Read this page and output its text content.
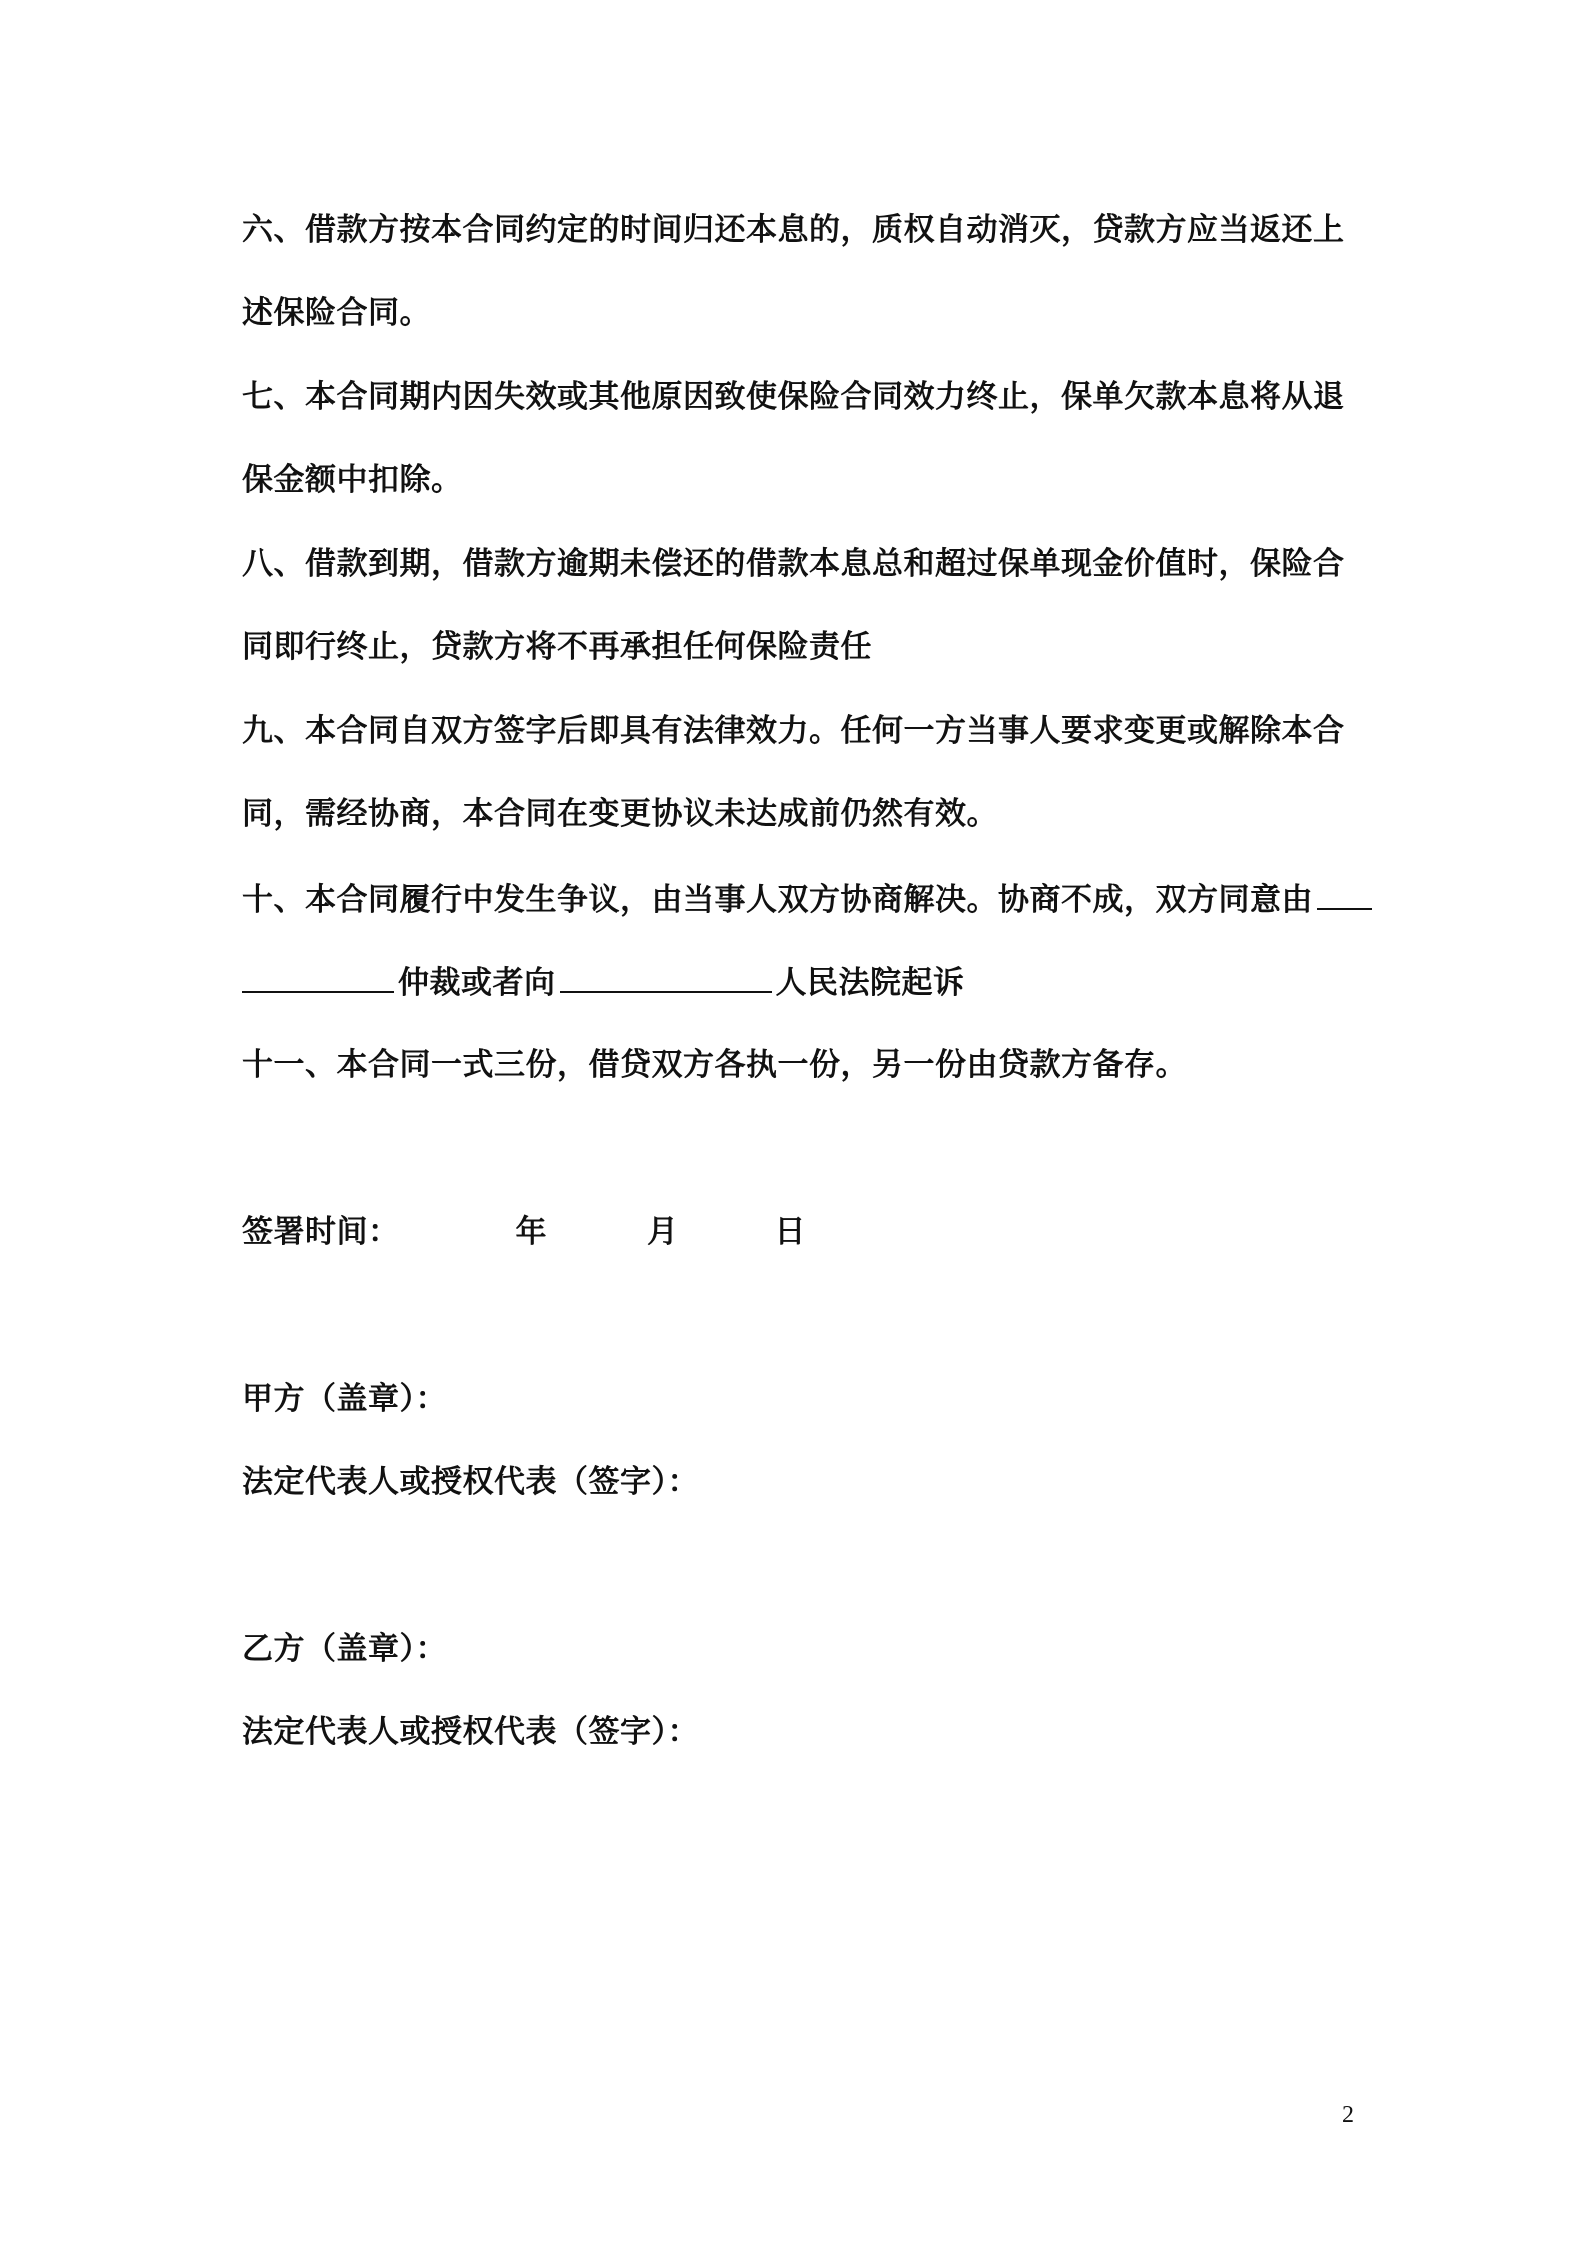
六、借款方按本合同约定的时间归还本息的，质权自动消灭，贷款方应当返还上
述保险合同。
七、本合同期内因失效或其他原因致使保险合同效力终止，保单欠款本息将从退
保金额中扣除。
八、借款到期，借款方逾期未偿还的借款本息总和超过保单现金价值时，保险合
同即行终止，贷款方将不再承担任何保险责任
九、本合同自双方签字后即具有法律效力。任何一方当事人要求变更或解除本合
同，需经协商，本合同在变更协议未达成前仍然有效。
十、本合同履行中发生争议，由当事人双方协商解决。协商不成，双方同意由
仲裁或者向	人民法院起诉
十一、本合同一式三份，借贷双方各执一份，另一份由贷款方备存。
签署时间：	年	月	日
甲方（盖章）：
法定代表人或授权代表（签字）：
乙方（盖章）：
法定代表人或授权代表（签字）：
2
